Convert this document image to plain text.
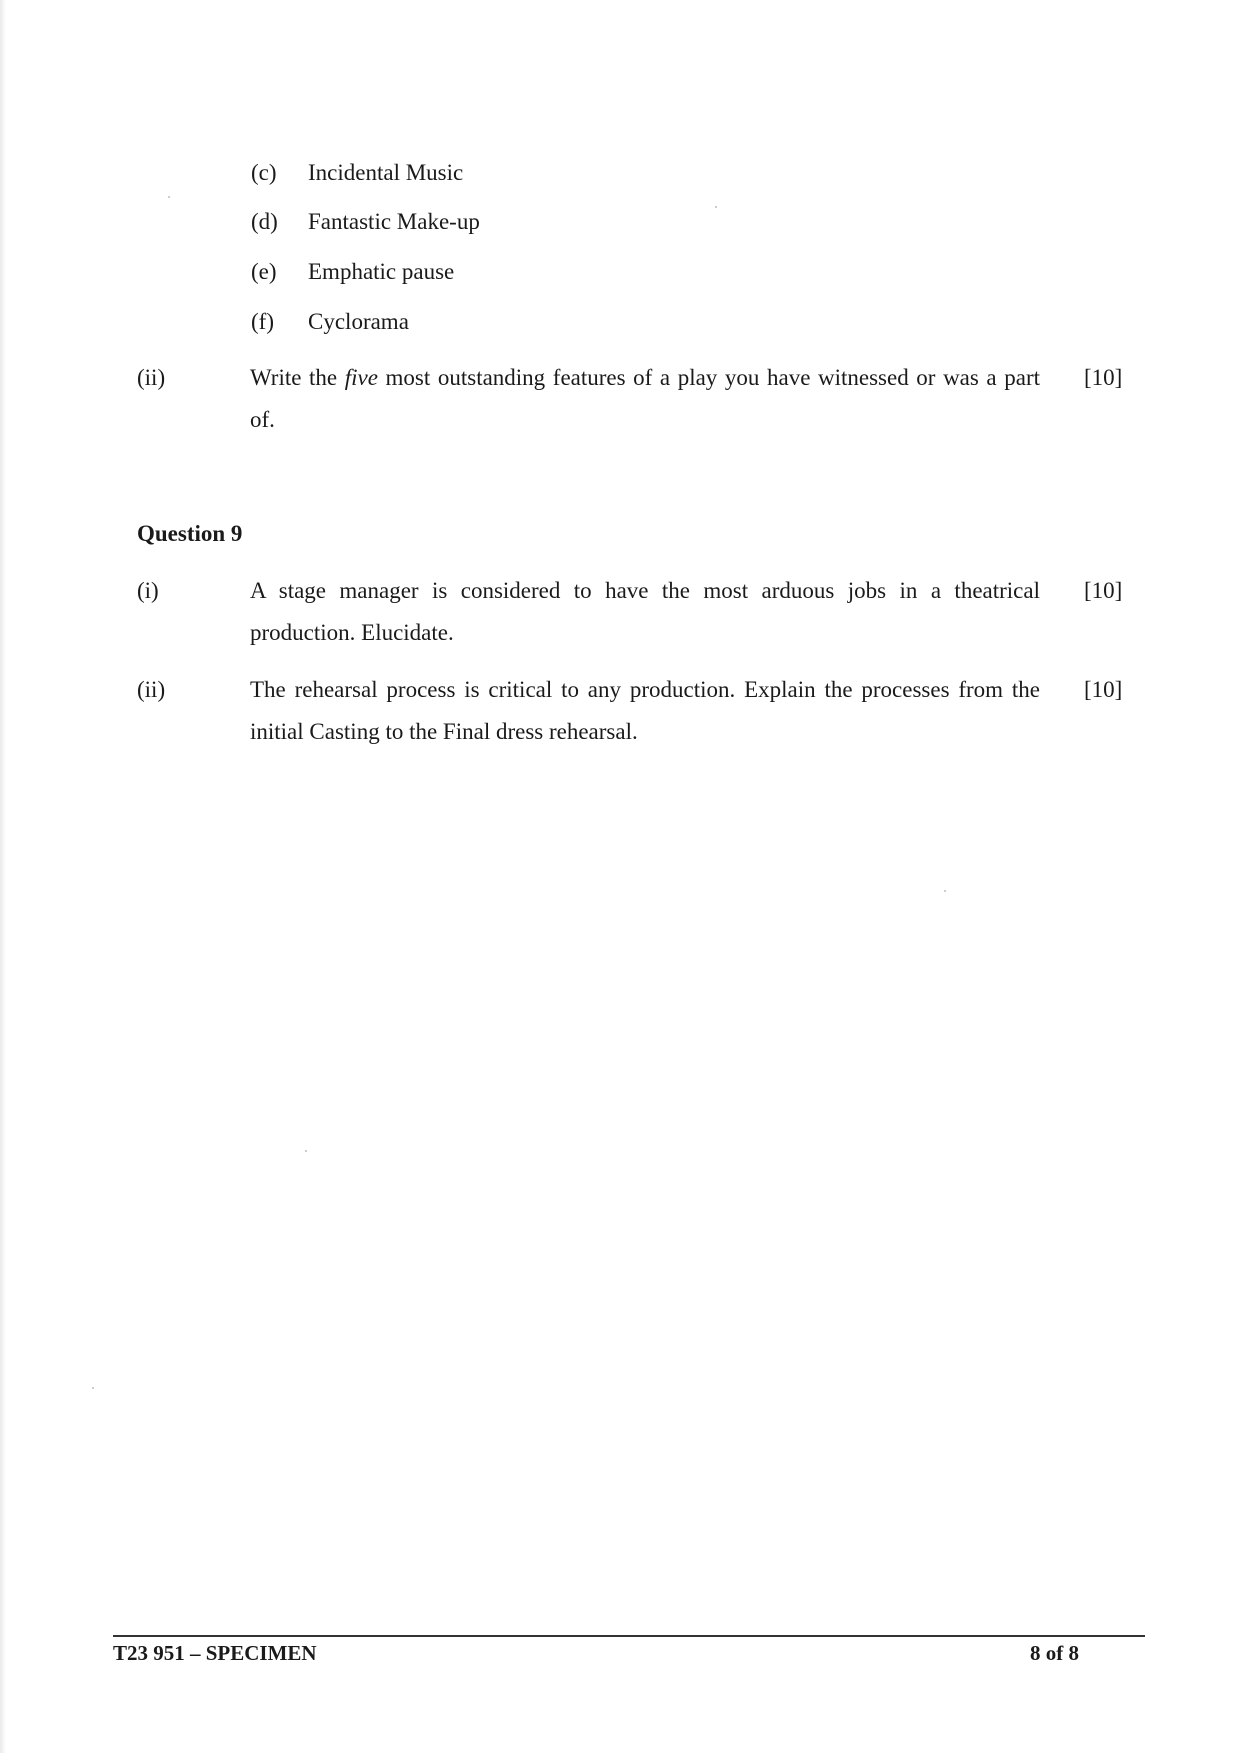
(c) Incidental Music
(d) Fantastic Make-up
(e) Emphatic pause
(f) Cyclorama
(ii)	Write the five most outstanding features of a play you have witnessed or was a part of.
[10]
Question 9
(i)	A stage manager is considered to have the most arduous jobs in a theatrical production. Elucidate.
[10]
(ii)	The rehearsal process is critical to any production. Explain the processes from the initial Casting to the Final dress rehearsal.
[10]
T23 951 – SPECIMEN	8 of 8
